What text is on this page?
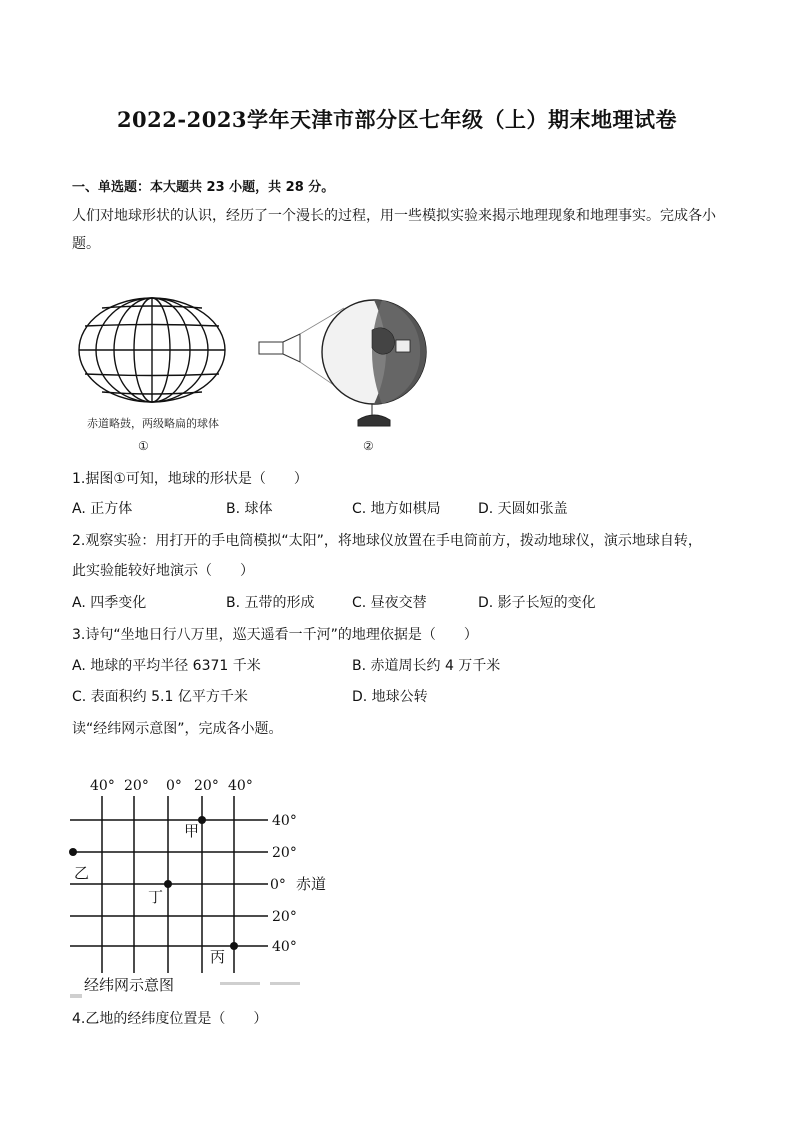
2022-2023学年天津市部分区七年级（上）期末地理试卷
一、单选题：本大题共 23 小题，共 28 分。
人们对地球形状的认识，经历了一个漫长的过程，用一些模拟实验来揭示地理现象和地理事实。完成各小题。
赤道略鼓，两级略扁的球体
①	②
1.据图①可知，地球的形状是（　　）
A. 正方体	B. 球体	C. 地方如棋局	D. 天圆如张盖
2.观察实验：用打开的手电筒模拟“太阳”，将地球仪放置在手电筒前方，拨动地球仪，演示地球自转，
此实验能较好地演示（　　）
A. 四季变化	B. 五带的形成	C. 昼夜交替	D. 影子长短的变化
3.诗句“坐地日行八万里，巡天遥看一千河”的地理依据是（　　）
A. 地球的平均半径 6371 千米	B. 赤道周长约 4 万千米
C. 表面积约 5.1 亿平方千米	D. 地球公转
读“经纬网示意图”，完成各小题。
40° 20° 0° 20° 40°
40°
20°
0° 赤道
20°
40°
甲
乙
丙
丁
经纬网示意图
4.乙地的经纬度位置是（　　）
